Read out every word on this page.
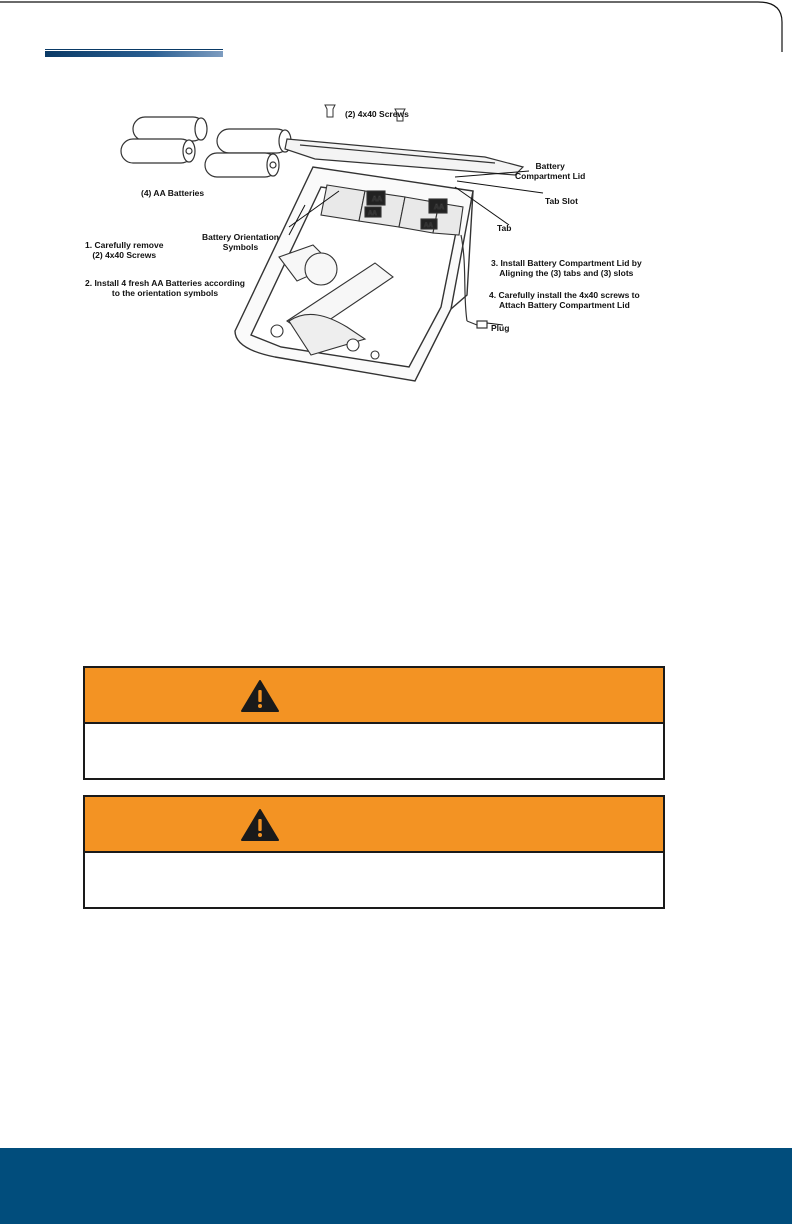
AA
AA
AA
AA
(2) 4x40 Screws
(4) AA Batteries
Battery
Compartment Lid
Tab Slot
Tab
Battery Orientation
Symbols
1. Carefully remove
(2) 4x40 Screws
2. Install 4 fresh AA Batteries according
to the orientation symbols
3. Install Battery Compartment Lid by
Aligning the (3) tabs and (3) slots
4. Carefully install the 4x40 screws to
Attach Battery Compartment Lid
Plug
